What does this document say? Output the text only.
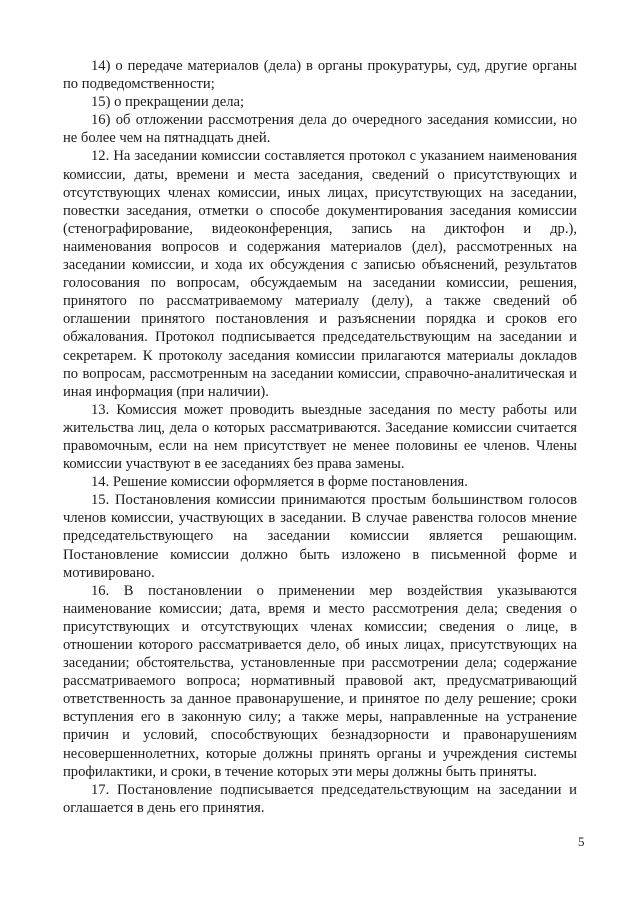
14) о передаче материалов (дела) в органы прокуратуры, суд, другие органы по подведомственности;

15) о прекращении дела;

16) об отложении рассмотрения дела до очередного заседания комиссии, но не более чем на пятнадцать дней.

12. На заседании комиссии составляется протокол с указанием наименования комиссии, даты, времени и места заседания, сведений о присутствующих и отсутствующих членах комиссии, иных лицах, присутствующих на заседании, повестки заседания, отметки о способе документирования заседания комиссии (стенографирование, видеоконференция, запись на диктофон и др.), наименования вопросов и содержания материалов (дел), рассмотренных на заседании комиссии, и хода их обсуждения с записью объяснений, результатов голосования по вопросам, обсуждаемым на заседании комиссии, решения, принятого по рассматриваемому материалу (делу), а также сведений об оглашении принятого постановления и разъяснении порядка и сроков его обжалования. Протокол подписывается председательствующим на заседании и секретарем. К протоколу заседания комиссии прилагаются материалы докладов по вопросам, рассмотренным на заседании комиссии, справочно-аналитическая и иная информация (при наличии).

13. Комиссия может проводить выездные заседания по месту работы или жительства лиц, дела о которых рассматриваются. Заседание комиссии считается правомочным, если на нем присутствует не менее половины ее членов. Члены комиссии участвуют в ее заседаниях без права замены.

14. Решение комиссии оформляется в форме постановления.

15. Постановления комиссии принимаются простым большинством голосов членов комиссии, участвующих в заседании. В случае равенства голосов мнение председательствующего на заседании комиссии является решающим. Постановление комиссии должно быть изложено в письменной форме и мотивировано.

16. В постановлении о применении мер воздействия указываются наименование комиссии; дата, время и место рассмотрения дела; сведения о присутствующих и отсутствующих членах комиссии; сведения о лице, в отношении которого рассматривается дело, об иных лицах, присутствующих на заседании; обстоятельства, установленные при рассмотрении дела; содержание рассматриваемого вопроса; нормативный правовой акт, предусматривающий ответственность за данное правонарушение, и принятое по делу решение; сроки вступления его в законную силу; а также меры, направленные на устранение причин и условий, способствующих безнадзорности и правонарушениям несовершеннолетних, которые должны принять органы и учреждения системы профилактики, и сроки, в течение которых эти меры должны быть приняты.

17. Постановление подписывается председательствующим на заседании и оглашается в день его принятия.

5
